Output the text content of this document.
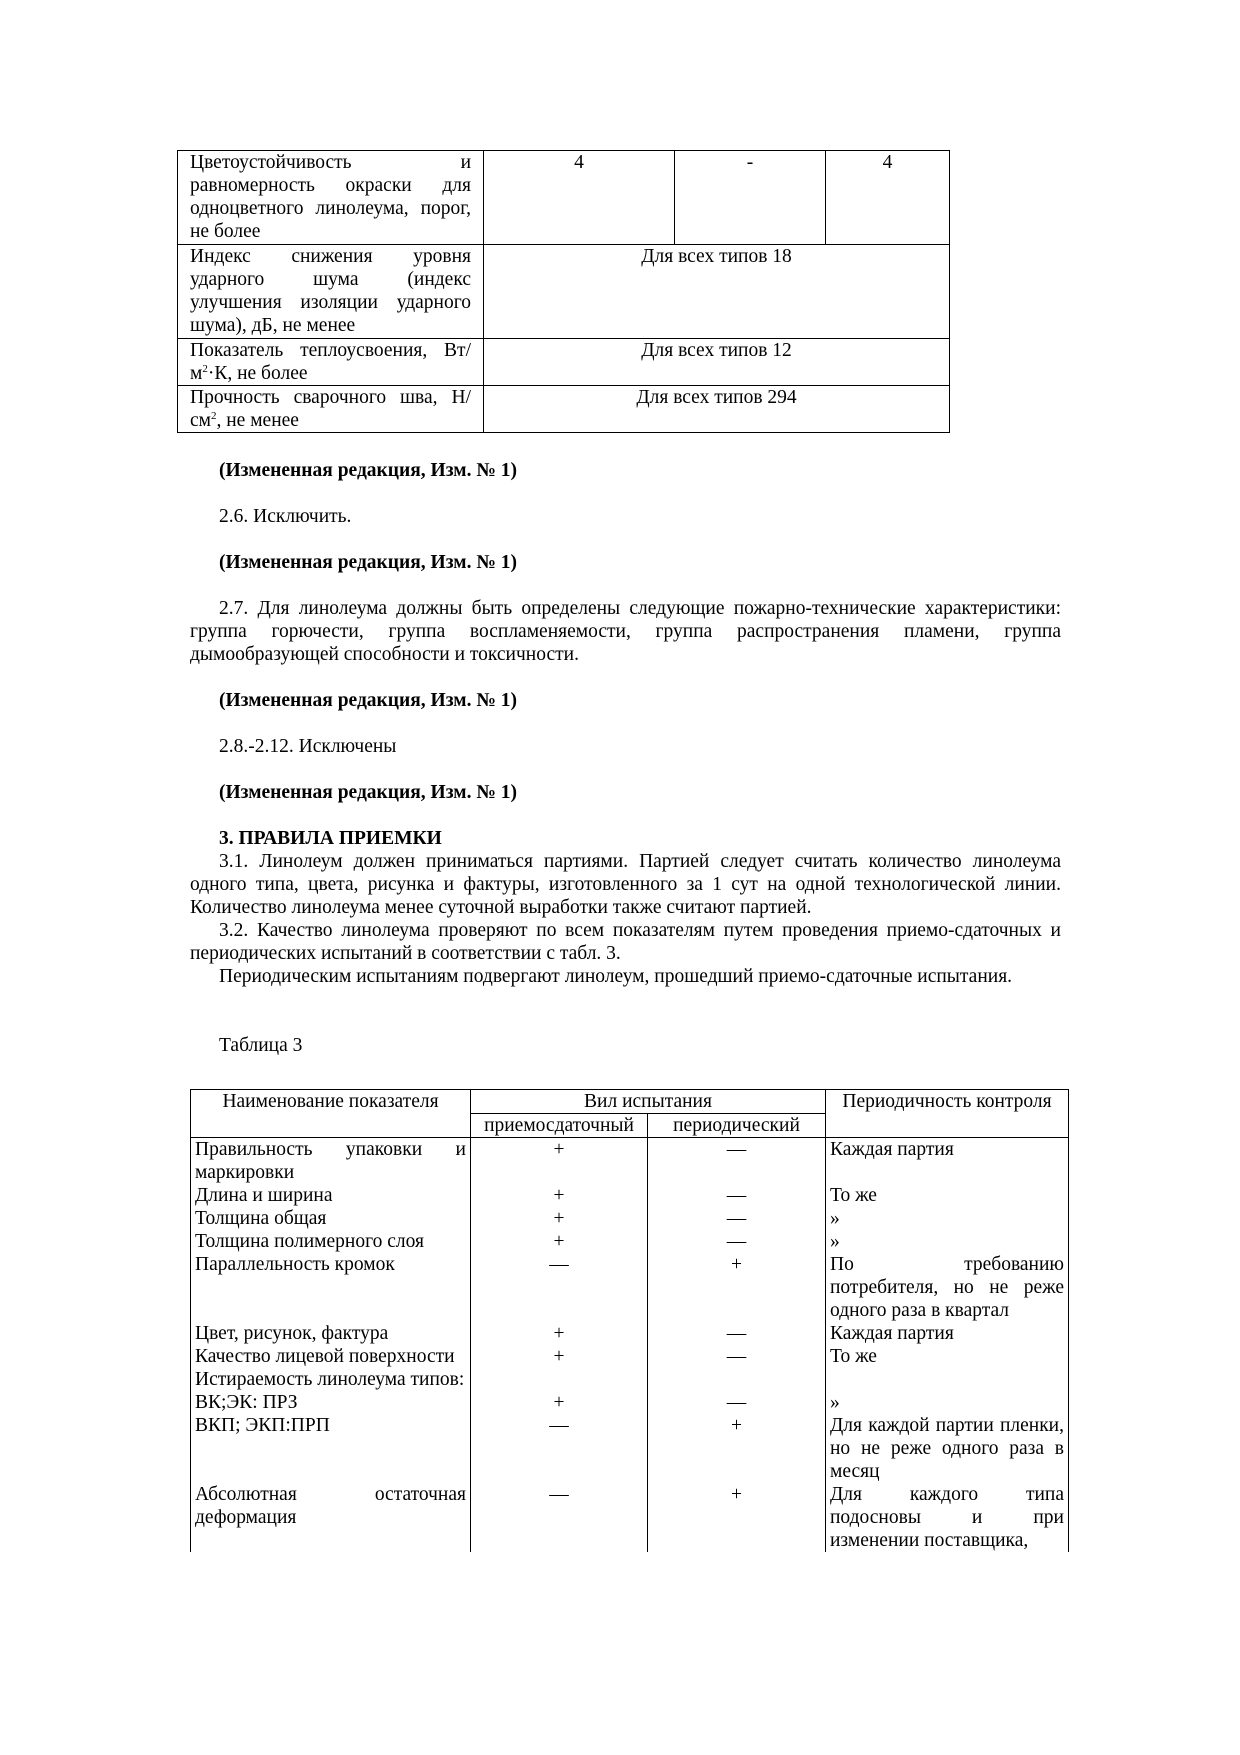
Цветоустойчивость и равномерность окраски для одноцветного линолеума, порог, не более	4	-	4
Индекс снижения уровня ударного шума (индекс улучшения изоляции ударного шума), дБ, не менее	Для всех типов 18		
Показатель теплоусвоения, $Вт/м^2\cdot К$, не более	Для всех типов 12		
Прочность сварочного шва, $Н/см^2$, не менее	Для всех типов 294		
(Измененная редакция, Изм. № 1)
2.6. Исключить.
(Измененная редакция, Изм. № 1)
2.7. Для линолеума должны быть определены следующие пожарно-технические характеристики: группа горючести, группа воспламеняемости, группа распространения пламени, группа дымообразующей способности и токсичности.
(Измененная редакция, Изм. № 1)
2.8.-2.12. Исключены
(Измененная редакция, Изм. № 1)
3. ПРАВИЛА ПРИЕМКИ
3.1. Линолеум должен приниматься партиями. Партией следует считать количество линолеума одного типа, цвета, рисунка и фактуры, изготовленного за 1 сут на одной технологической линии. Количество линолеума менее суточной выработки также считают партией.
3.2. Качество линолеума проверяют по всем показателям путем проведения приемо-сдаточных и периодических испытаний в соответствии с табл. 3.
Периодическим испытаниям подвергают линолеум, прошедший приемо-сдаточные испытания.
Таблица 3
Наименование показателя	Вил испытания		Периодичность контроля
	приемосдаточный	периодический	
Правильность упаковки и маркировки	+	—	Каждая партия
Длина и ширина	+	—	То же
Толщина общая	+	—	»
Толщина полимерного слоя	+	—	»
Параллельность кромок	—	+	По требованию потребителя, но не реже одного раза в квартал
Цвет, рисунок, фактура	+	—	Каждая партия
Качество лицевой поверхности	+	—	То же
Истираемость линолеума типов:			
ВК;ЭК: ПРЗ	+	—	»
ВКП; ЭКП:ПРП	—	+	Для каждой партии пленки, но не реже одного раза в месяц
Абсолютная остаточная деформация	—	+	Для каждого типа подосновы и при изменении поставщика,
